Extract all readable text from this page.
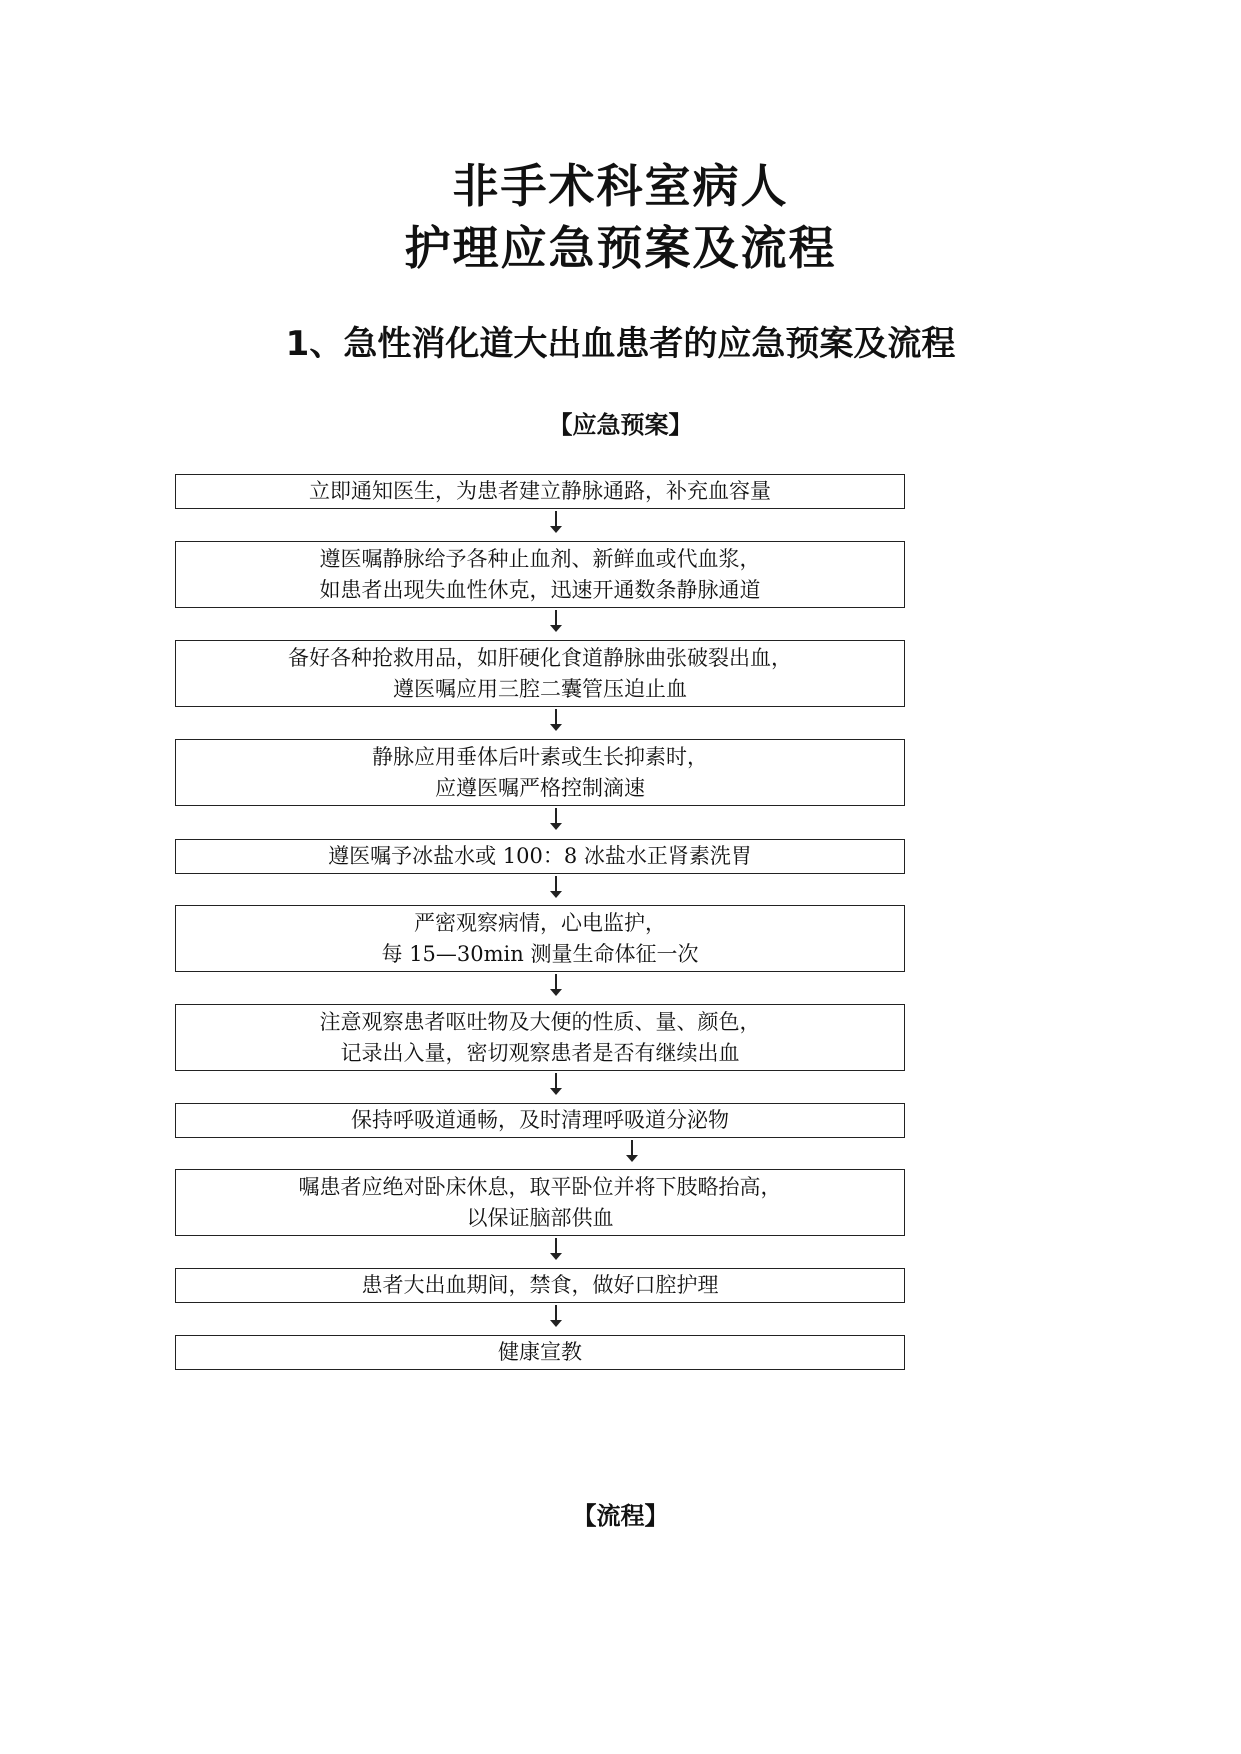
非手术科室病人
护理应急预案及流程
1、急性消化道大出血患者的应急预案及流程
【应急预案】
立即通知医生，为患者建立静脉通路，补充血容量
遵医嘱静脉给予各种止血剂、新鲜血或代血浆，
如患者出现失血性休克，迅速开通数条静脉通道
备好各种抢救用品，如肝硬化食道静脉曲张破裂出血，
遵医嘱应用三腔二囊管压迫止血
静脉应用垂体后叶素或生长抑素时，
应遵医嘱严格控制滴速
遵医嘱予冰盐水或 100：8 冰盐水正肾素洗胃
严密观察病情，心电监护，
每 15—30min 测量生命体征一次
注意观察患者呕吐物及大便的性质、量、颜色，
记录出入量，密切观察患者是否有继续出血
保持呼吸道通畅，及时清理呼吸道分泌物
嘱患者应绝对卧床休息，取平卧位并将下肢略抬高，
以保证脑部供血
患者大出血期间，禁食，做好口腔护理
健康宣教
【流程】
